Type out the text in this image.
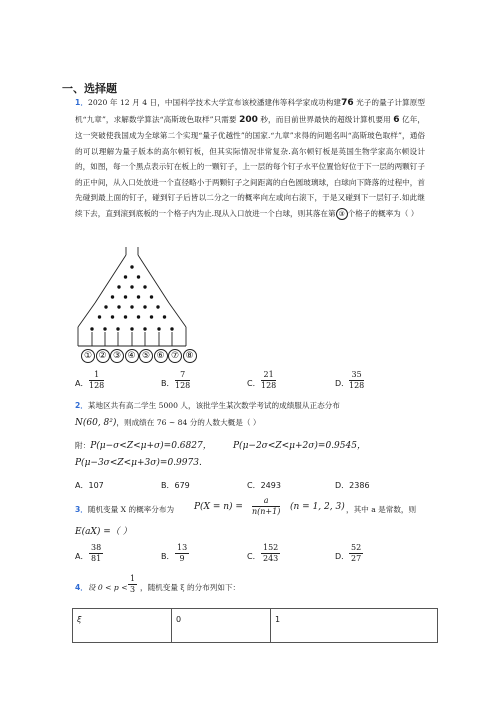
一、选择题
1．2020 年 12 月 4 日，中国科学技术大学宣布该校潘建伟等科学家成功构建76 光子的量子计算原型机“九章”，求解数学算法“高斯玻色取样”只需要 200 秒，而目前世界最快的超级计算机要用 6 亿年，这一突破使我国成为全球第二个实现“量子优越性”的国家.“九章”求得的问题名叫“高斯玻色取样”，通俗的可以理解为量子版本的高尔顿钉板，但其实际情况非常复杂.高尔顿钉板是英国生物学家高尔顿设计的，如图，每一个黑点表示钉在板上的一颗钉子，上一层的每个钉子水平位置恰好位于下一层的两颗钉子的正中间，从入口处放进一个直径略小于两颗钉子之间距离的白色圆玻璃球，白球向下降落的过程中，首先碰到最上面的钉子，碰到钉子后皆以二分之一的概率向左或向右滚下，于是又碰到下一层钉子.如此继续下去，直到滚到底板的一个格子内为止.现从入口放进一个白球，则其落在第 ③ 个格子的概率为（ ）
① ② ③ ④ ⑤ ⑥ ⑦ ⑧
A． $\frac{1}{128}$	B． $\frac{7}{128}$	C． $\frac{21}{128}$	D． $\frac{35}{128}$
2．某地区共有高二学生 5000 人，该批学生某次数学考试的成绩服从正态分布
N(60, 8²)，则成绩在 76 ~ 84 分的人数大概是（ ）
附：P(μ−σ<Z<μ+σ)=0.6827， P(μ−2σ<Z<μ+2σ)=0.9545，
P(μ−3σ<Z<μ+3σ)=0.9973.
A．107	B．679	C．2493	D．2386
3．随机变量 X 的概率分布为 $P(X = n) = \frac{a}{n(n+1)} (n = 1$, 2, 3) ，其中 a 是常数，则
E(aX) =（ ）
A． $\frac{38}{81}$	B． $\frac{13}{9}$	C． $\frac{152}{243}$	D． $\frac{52}{27}$
4．设 $0 < p < \frac{1}{3}$ ，随机变量 ξ 的分布列如下：
ξ	0	1
